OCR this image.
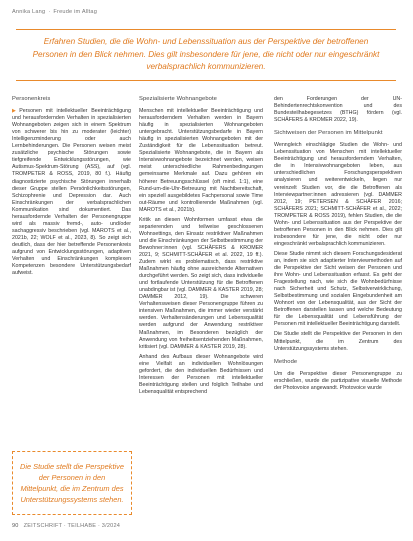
Annika Lang · Freude im Alltag
Erfahren Studien, die die Wohn- und Lebenssituation aus der Perspektive der betroffenen Personen in den Blick nehmen. Dies gilt insbesondere für jene, die nicht oder nur eingeschränkt verbalsprachlich kommunizieren.
Personenkreis

▶Personen mit intellektueller Beeinträchtigung und herausfordernden Verhalten in spezialisierten Wohnangeboten zeigen sich in einem Spektrum von schwerer bis hin zu moderater (leichter) Intelligenzminderung oder auch Lernbehinderungen. Die Personen weisen meist zusätzliche psychische Störungen sowie tiefgreifende Entwicklungsstörungen, wie Autismus-Spektrum-Störung (ASS), auf (vgl. TROMPETER & ROSS, 2019, 80 f.). Häufig diagnostizierte psychische Störungen innerhalb dieser Gruppe stellen Persönlichkeitsstörungen, Schizophrenie und Depression dar. Auch Einschränkungen der verbalsprachlichen Kommunikation sind dokumentiert. Das herausfordernde Verhalten der Personengruppe wird als massiv fremd-, auto- und/oder sachaggressiv beschrieben (vgl. MAROTS et al., 2021b, 22; WOLF et al., 2023, 8). So zeigt sich deutlich, dass der hier betreffende Personenkreis aufgrund von Entwicklungsstörungen, adaptiven Verhalten und Einschränkungen komplexen Kompetenzen besondere Unterstützungsbedarf aufweist.

Die Studie stellt die Perspektive der Personen in den Mittelpunkt, die im Zentrum des Unterstützungssystems stehen.
Spezialisierte Wohnangebote

Menschen mit intellektueller Beeinträchtigung und herausforderndem Verhalten werden in Bayern häufig in spezialisierten Wohnangeboten untergebracht. Unterstützungsbedarfe in Bayern häufig in spezialisierten Wohnangeboten mit der Zuständigkeit für die Lebenssituation betreut. Spezialisierte Wohnangebote, die in Bayern als Intensivwohnangebote bezeichnet werden, weisen meist unterschiedliche Rahmenbedingungen gemeinsame Merkmale auf. Dazu gehören ein höherer Betreuungsschlüssel (oft mind. 1:1), eine Rund-um-die-Uhr-Betreuung mit Nachtbereitschaft, ein speziell ausgebildetes Fachpersonal sowie Time out-Räume und kontrollierende Maßnahmen (vgl. MAROTS et al., 2021b).

Kritik an diesen Wohnformen umfasst etwa die separierenden und teilweise geschlossenen Wohnsettings, den Einsatz restriktiver Maßnahmen und die Einschränkungen der Selbstbestimmung der Bewohner:innen (vgl. SCHÄFERS & KROMER 2021, 9; SCHMITT-SCHÄFER et al. 2022, 19 ff.). Zudem wirkt es problematisch, dass restriktive Maßnahmen häufig ohne ausreichende Alternativen durchgeführt werden. So zeigt sich, dass individuelle und fortlaufende Unterstützung für die Betroffenen unabdingbar ist (vgl. DAMMER & KASTER 2019, 28; DAMMER 2012, 19). Die schweren Verhaltensweisen dieser Personengruppe führen zu intensiven Maßnahmen, die immer wieder verstärkt werden. Verhaltensänderungen und Lebensqualität werden aufgrund der Anwendung restriktiver Maßnahmen, im Besonderen bezüglich der Anwendung von freiheitsentziehenden Maßnahmen, kritisiert (vgl. DAMMER & KASTER 2019, 28).

Anhand des Aufbaus dieser Wohnangebote wird eine Vielfalt an individuellen Wohnlösungen gefordert, die den individuellen Bedürfnissen und Interessen der Personen mit intellektueller Beeinträchtigung stellen und folglich Teilhabe und Lebensqualität entsprechend

den Forderungen der UN-Behindertenrechtskonvention und des Bundesteilhabegesetzes (BTHG) fördern (vgl. SCHÄFERS & KROMER 2022, 19).

Sichtweisen der Personen im Mittelpunkt

Wenngleich einschlägige Studien die Wohn- und Lebenssituation von Menschen mit intellektueller Beeinträchtigung und herausforderndem Verhalten, die in Intensivwohnangeboten leben, aus unterschiedlichen Forschungsperspektiven analysieren und weiterentwickeln, liegen nur vereinzelt Studien vor, die die Betroffenen als Interviewpartner:innen adressieren (vgl. DAMMER 2012, 19; PETERSEN & SCHÄFER 2016; SCHÄFERS 2021; SCHMITT-SCHÄFER et al., 2022; TROMPETER & ROSS 2019), fehlen Studien, die die Wohn- und Lebenssituation aus der Perspektive der betroffenen Personen in den Blick nehmen. Dies gilt insbesondere für jene, die nicht oder nur eingeschränkt verbalsprachlich kommunizieren.

Diese Studie nimmt sich diesem Forschungsdesiderat an, indem sie sich adaptierter Interviewmethoden auf die Perspektive der Sicht weisen der Personen und ihre Wohn- und Lebenssituation erfasst. Es geht der Fragestellung nach, wie sich die Wohnbedürfnisse nach Sicherheit und Schutz, Selbstverwirklichung, Selbstbestimmung und sozialen Eingebundenheit am Wohnort von der Lebensqualität, aus der Sicht der Betroffenen darstellen lassen und welche Bedeutung für die Lebensqualität und Lebensführung der Personen mit intellektueller Beeinträchtigung darstellt.

Die Studie stellt die Perspektive der Personen in den Mittelpunkt, die im Zentrum des Unterstützungssystems stehen.

Methode

Um die Perspektive dieser Personengruppe zu erschließen, wurde die partizipative visuelle Methode der Photovoice angewandt. Photovoice wurde

90 ZEITSCHRIFT · TEILHABE · 3/2024
